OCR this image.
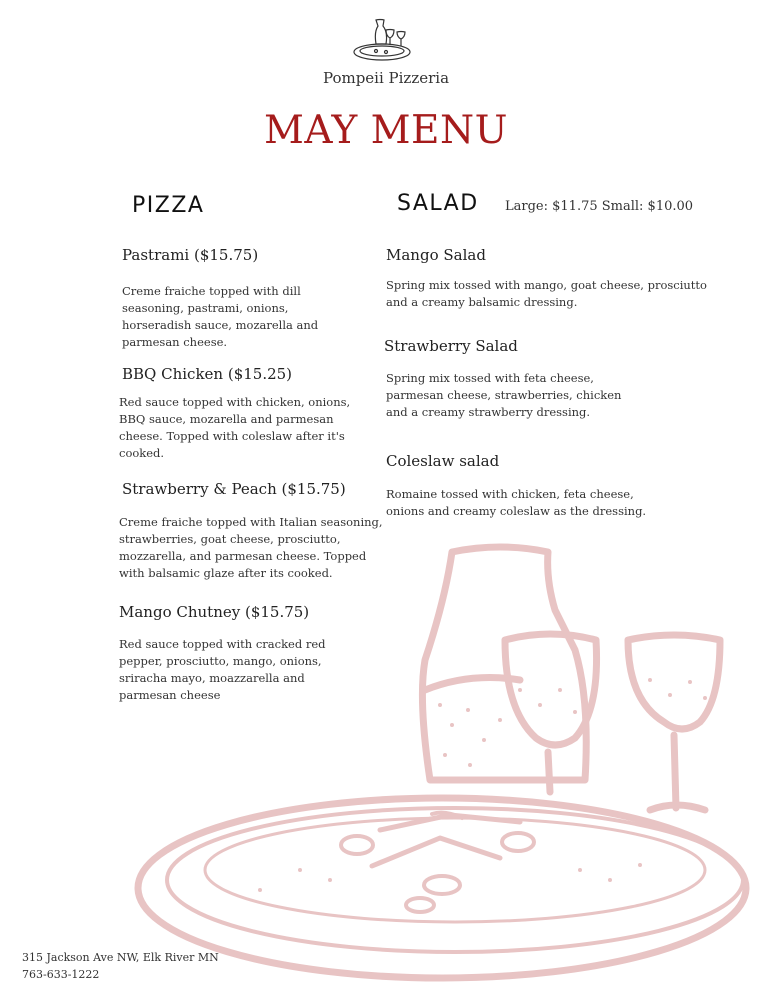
Pompeii Pizzeria
MAY MENU
PIZZA
Pastrami ($15.75)
Creme fraiche topped with dill
seasoning, pastrami, onions,
horseradish sauce, mozarella and
parmesan cheese.
BBQ Chicken ($15.25)
Red sauce topped with chicken, onions,
BBQ sauce, mozarella and parmesan
cheese. Topped with coleslaw after it's
cooked.
Strawberry & Peach ($15.75)
Creme fraiche topped with Italian seasoning,
strawberries, goat cheese, prosciutto,
mozzarella, and parmesan cheese. Topped
with balsamic glaze after its cooked.
Mango Chutney ($15.75)
Red sauce topped with cracked red
pepper, prosciutto, mango, onions,
sriracha mayo, moazzarella and
parmesan cheese
SALAD Large: $11.75 Small: $10.00
Mango Salad
Spring mix tossed with mango, goat cheese, prosciutto
and a creamy balsamic dressing.
Strawberry Salad
Spring mix tossed with feta cheese,
parmesan cheese, strawberries, chicken
and a creamy strawberry dressing.
Coleslaw salad
Romaine tossed with chicken, feta cheese,
onions and creamy coleslaw as the dressing.
315 Jackson Ave NW, Elk River MN
763-633-1222
